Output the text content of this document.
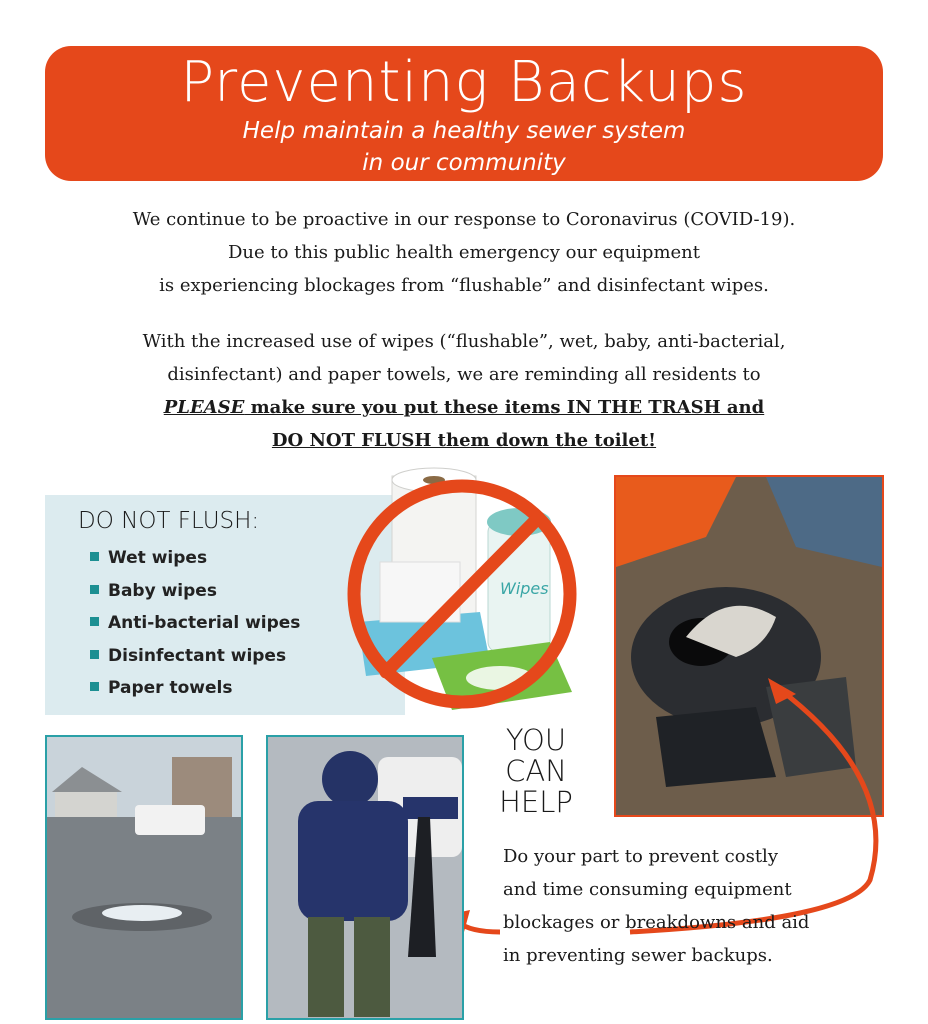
Preventing Backups
Help maintain a healthy sewer system
in our community
We continue to be proactive in our response to Coronavirus (COVID-19).
Due to this public health emergency our equipment
is experiencing blockages from “flushable” and disinfectant wipes.
With the increased use of wipes (“flushable”, wet, baby, anti-bacterial,
disinfectant) and paper towels, we are reminding all residents to
PLEASE make sure you put these items IN THE TRASH and
DO NOT FLUSH them down the toilet!
DO NOT FLUSH:
Wet wipes
Baby wipes
Anti-bacterial wipes
Disinfectant wipes
Paper towels
Wipes
YOU
CAN
HELP
Do your part to prevent costly
and time consuming equipment
blockages or breakdowns and aid
in preventing sewer backups.
